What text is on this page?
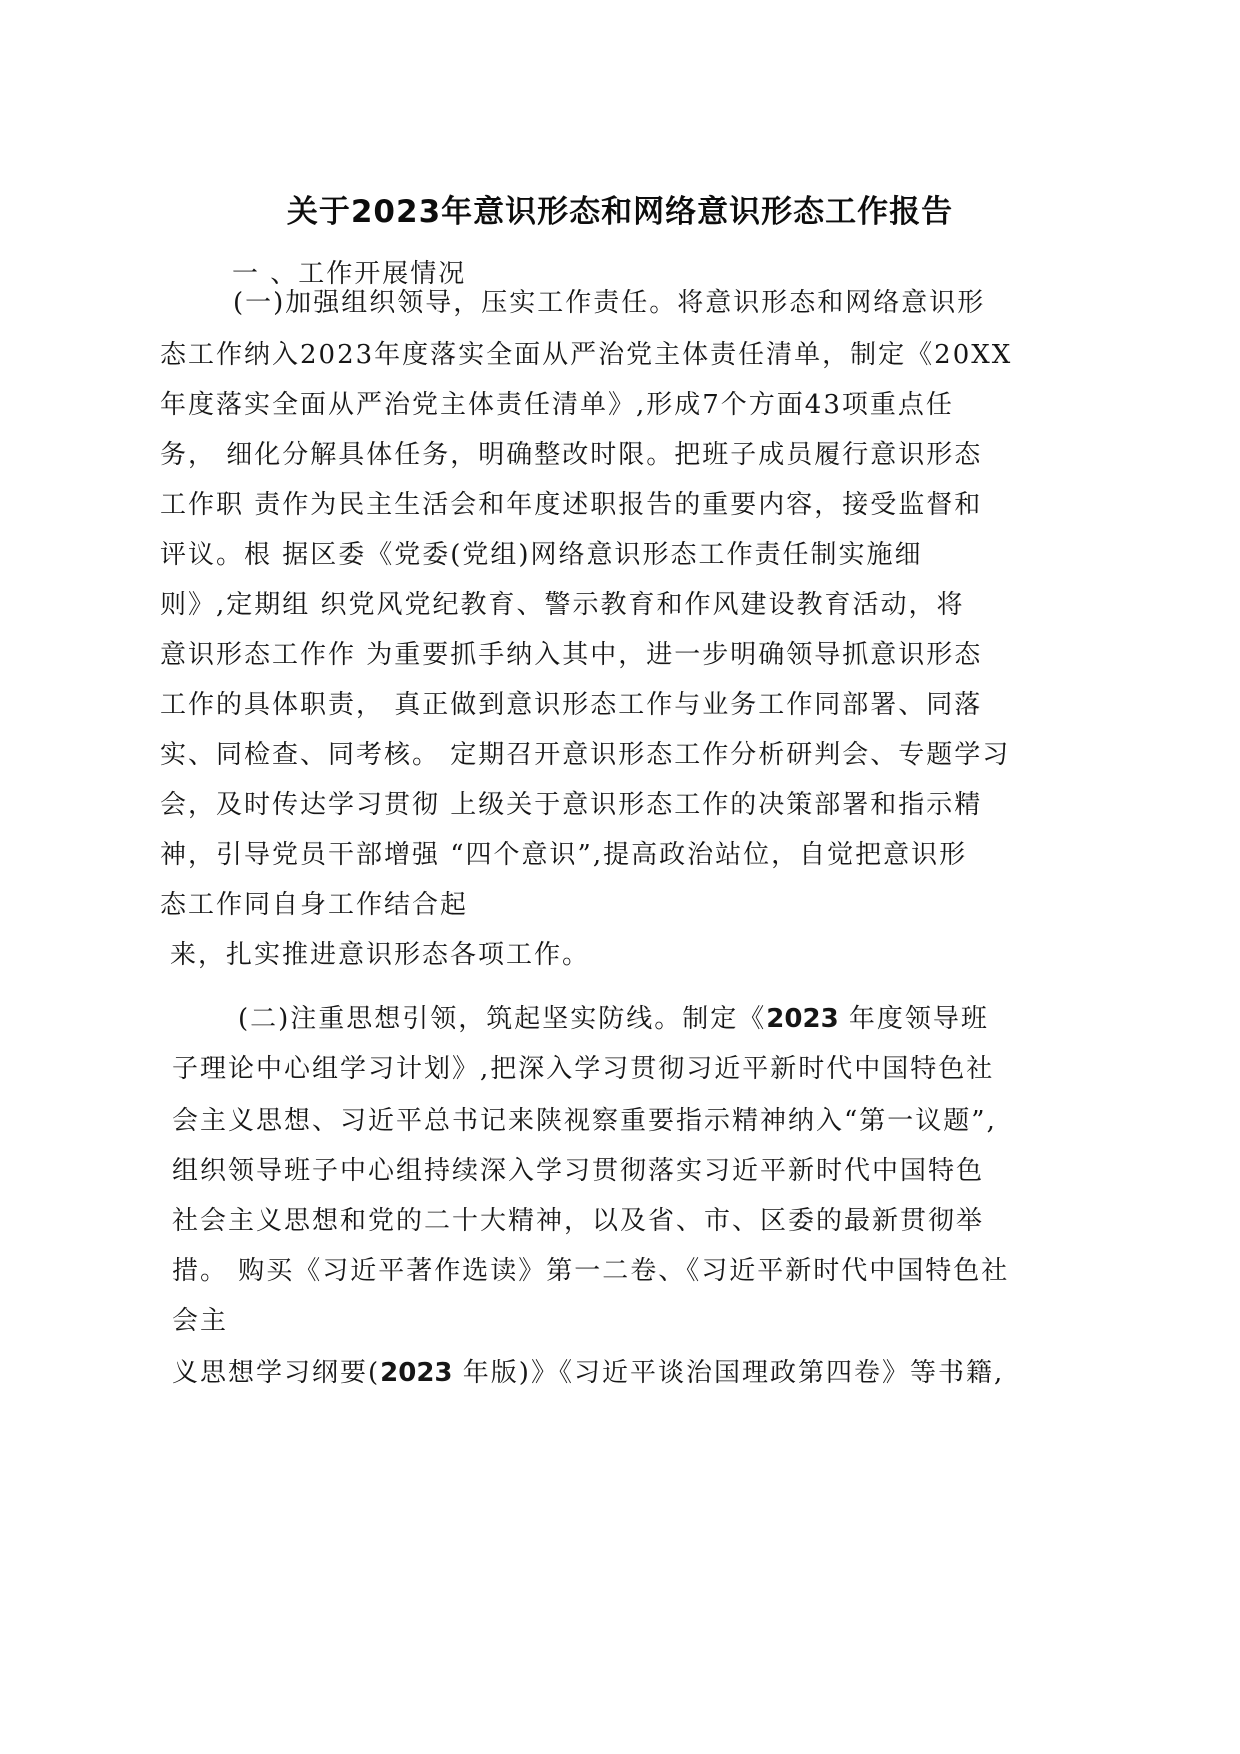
关于2023年意识形态和网络意识形态工作报告
一 、工作开展情况
(一)加强组织领导，压实工作责任。将意识形态和网络意识形
态工作纳入2023年度落实全面从严治党主体责任清单，制定《20XX
年度落实全面从严治党主体责任清单》,形成7个方面43项重点任
务， 细化分解具体任务，明确整改时限。把班子成员履行意识形态
工作职 责作为民主生活会和年度述职报告的重要内容，接受监督和
评议。根 据区委《党委(党组)网络意识形态工作责任制实施细
则》,定期组 织党风党纪教育、警示教育和作风建设教育活动，将
意识形态工作作 为重要抓手纳入其中，进一步明确领导抓意识形态
工作的具体职责， 真正做到意识形态工作与业务工作同部署、同落
实、同检查、同考核。 定期召开意识形态工作分析研判会、专题学习
会，及时传达学习贯彻 上级关于意识形态工作的决策部署和指示精
神，引导党员干部增强 “四个意识”,提高政治站位，自觉把意识形
态工作同自身工作结合起
来，扎实推进意识形态各项工作。
(二)注重思想引领，筑起坚实防线。制定《2023 年度领导班
子理论中心组学习计划》,把深入学习贯彻习近平新时代中国特色社
会主义思想、习近平总书记来陕视察重要指示精神纳入“第一议题”,
组织领导班子中心组持续深入学习贯彻落实习近平新时代中国特色
社会主义思想和党的二十大精神，以及省、市、区委的最新贯彻举
措。 购买《习近平著作选读》第一二卷、《习近平新时代中国特色社
会主
义思想学习纲要(2023 年版)》《习近平谈治国理政第四卷》等书籍,
